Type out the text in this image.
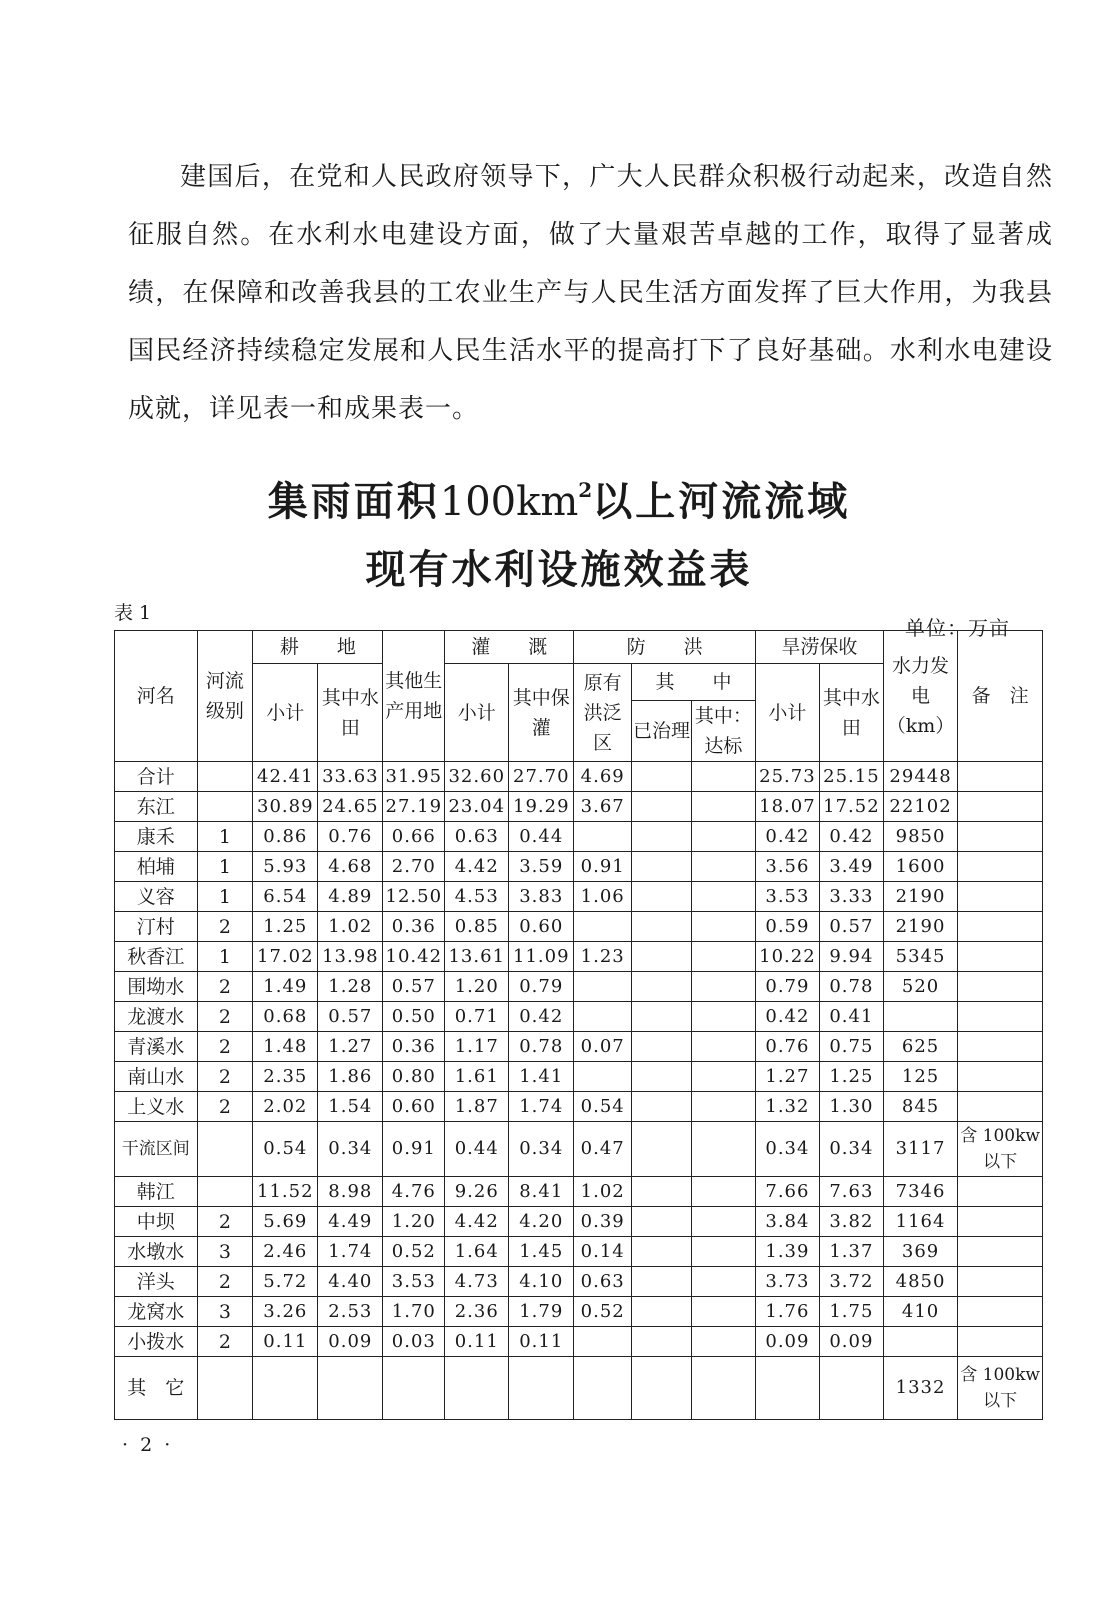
建国后，在党和人民政府领导下，广大人民群众积极行动起来，改造自然征服自然。在水利水电建设方面，做了大量艰苦卓越的工作，取得了显著成绩，在保障和改善我县的工农业生产与人民生活方面发挥了巨大作用，为我县国民经济持续稳定发展和人民生活水平的提高打下了良好基础。水利水电建设成就，详见表一和成果表一。

集雨面积$100km^2$以上河流流域
现有水利设施效益表
表 1
单位：万亩
河名	河流级别	耕　　地		其他生产用地	灌　　溉		防　　洪			旱涝保收		水力发电（km）	备　注
		小计	其中水田		小计	其中保灌	原有洪泛区	其　　中		小计	其中水田		
								已治理	其中：达标				
合计		42.41	33.63	31.95	32.60	27.70	4.69			25.73	25.15	29448	
东江		30.89	24.65	27.19	23.04	19.29	3.67			18.07	17.52	22102	
康禾	1	0.86	0.76	0.66	0.63	0.44				0.42	0.42	9850	
柏埔	1	5.93	4.68	2.70	4.42	3.59	0.91			3.56	3.49	1600	
义容	1	6.54	4.89	12.50	4.53	3.83	1.06			3.53	3.33	2190	
汀村	2	1.25	1.02	0.36	0.85	0.60				0.59	0.57	2190	
秋香江	1	17.02	13.98	10.42	13.61	11.09	1.23			10.22	9.94	5345	
围坳水	2	1.49	1.28	0.57	1.20	0.79				0.79	0.78	520	
龙渡水	2	0.68	0.57	0.50	0.71	0.42				0.42	0.41		
青溪水	2	1.48	1.27	0.36	1.17	0.78	0.07			0.76	0.75	625	
南山水	2	2.35	1.86	0.80	1.61	1.41				1.27	1.25	125	
上义水	2	2.02	1.54	0.60	1.87	1.74	0.54			1.32	1.30	845	
干流区间		0.54	0.34	0.91	0.44	0.34	0.47			0.34	0.34	3117	含 100kw 以下
韩江		11.52	8.98	4.76	9.26	8.41	1.02			7.66	7.63	7346	
中坝	2	5.69	4.49	1.20	4.42	4.20	0.39			3.84	3.82	1164	
水墩水	3	2.46	1.74	0.52	1.64	1.45	0.14			1.39	1.37	369	
洋头	2	5.72	4.40	3.53	4.73	4.10	0.63			3.73	3.72	4850	
龙窝水	3	3.26	2.53	1.70	2.36	1.79	0.52			1.76	1.75	410	
小拨水	2	0.11	0.09	0.03	0.11	0.11				0.09	0.09		
其　它												1332	含 100kw 以下
· 2 ·
